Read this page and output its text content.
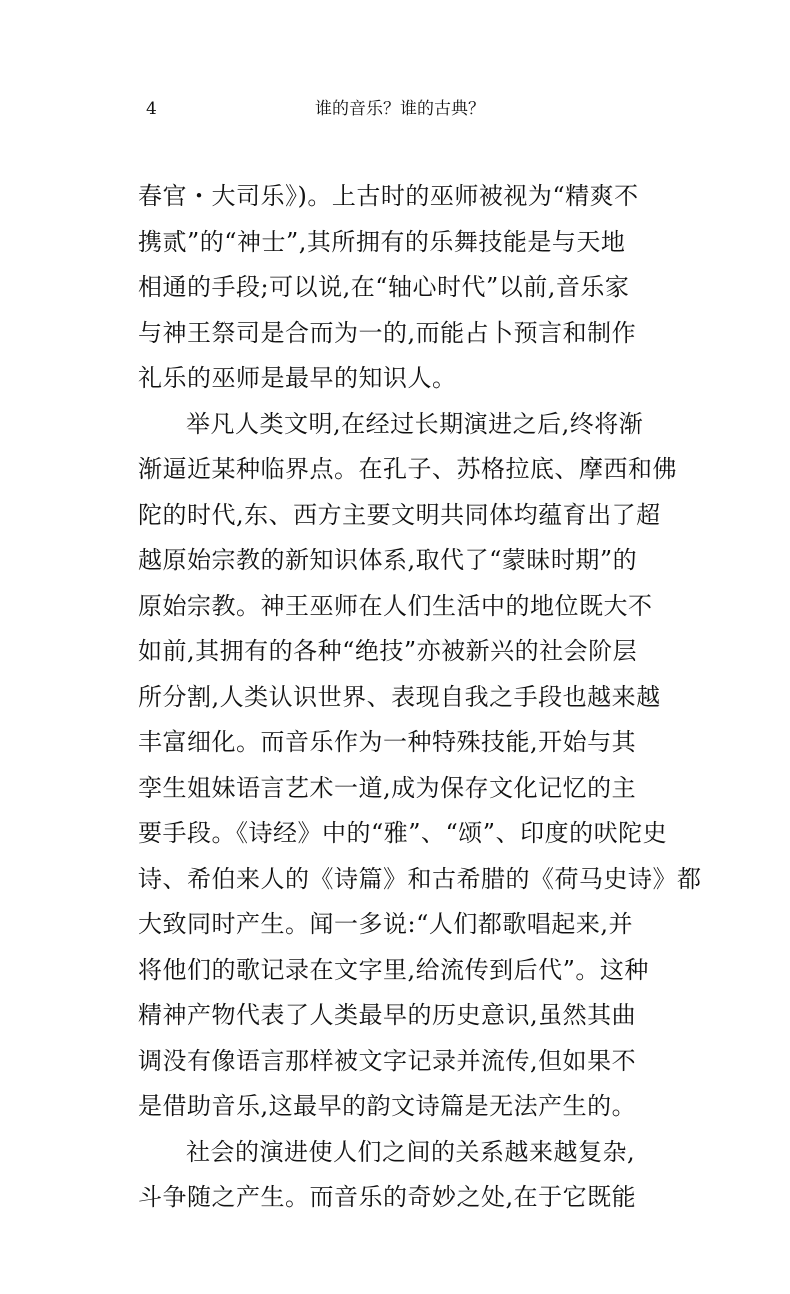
4	谁的音乐？谁的古典？
春官・大司乐》)。上古时的巫师被视为“精爽不
携贰”的“神士”,其所拥有的乐舞技能是与天地
相通的手段;可以说,在“轴心时代”以前,音乐家
与神王祭司是合而为一的,而能占卜预言和制作
礼乐的巫师是最早的知识人。
举凡人类文明,在经过长期演进之后,终将渐
渐逼近某种临界点。在孔子、苏格拉底、摩西和佛
陀的时代,东、西方主要文明共同体均蕴育出了超
越原始宗教的新知识体系,取代了“蒙昧时期”的
原始宗教。神王巫师在人们生活中的地位既大不
如前,其拥有的各种“绝技”亦被新兴的社会阶层
所分割,人类认识世界、表现自我之手段也越来越
丰富细化。而音乐作为一种特殊技能,开始与其
孪生姐妹语言艺术一道,成为保存文化记忆的主
要手段。《诗经》中的“雅”、“颂”、印度的吠陀史
诗、希伯来人的《诗篇》和古希腊的《荷马史诗》都
大致同时产生。闻一多说:“人们都歌唱起来,并
将他们的歌记录在文字里,给流传到后代”。这种
精神产物代表了人类最早的历史意识,虽然其曲
调没有像语言那样被文字记录并流传,但如果不
是借助音乐,这最早的韵文诗篇是无法产生的。
社会的演进使人们之间的关系越来越复杂,
斗争随之产生。而音乐的奇妙之处,在于它既能
